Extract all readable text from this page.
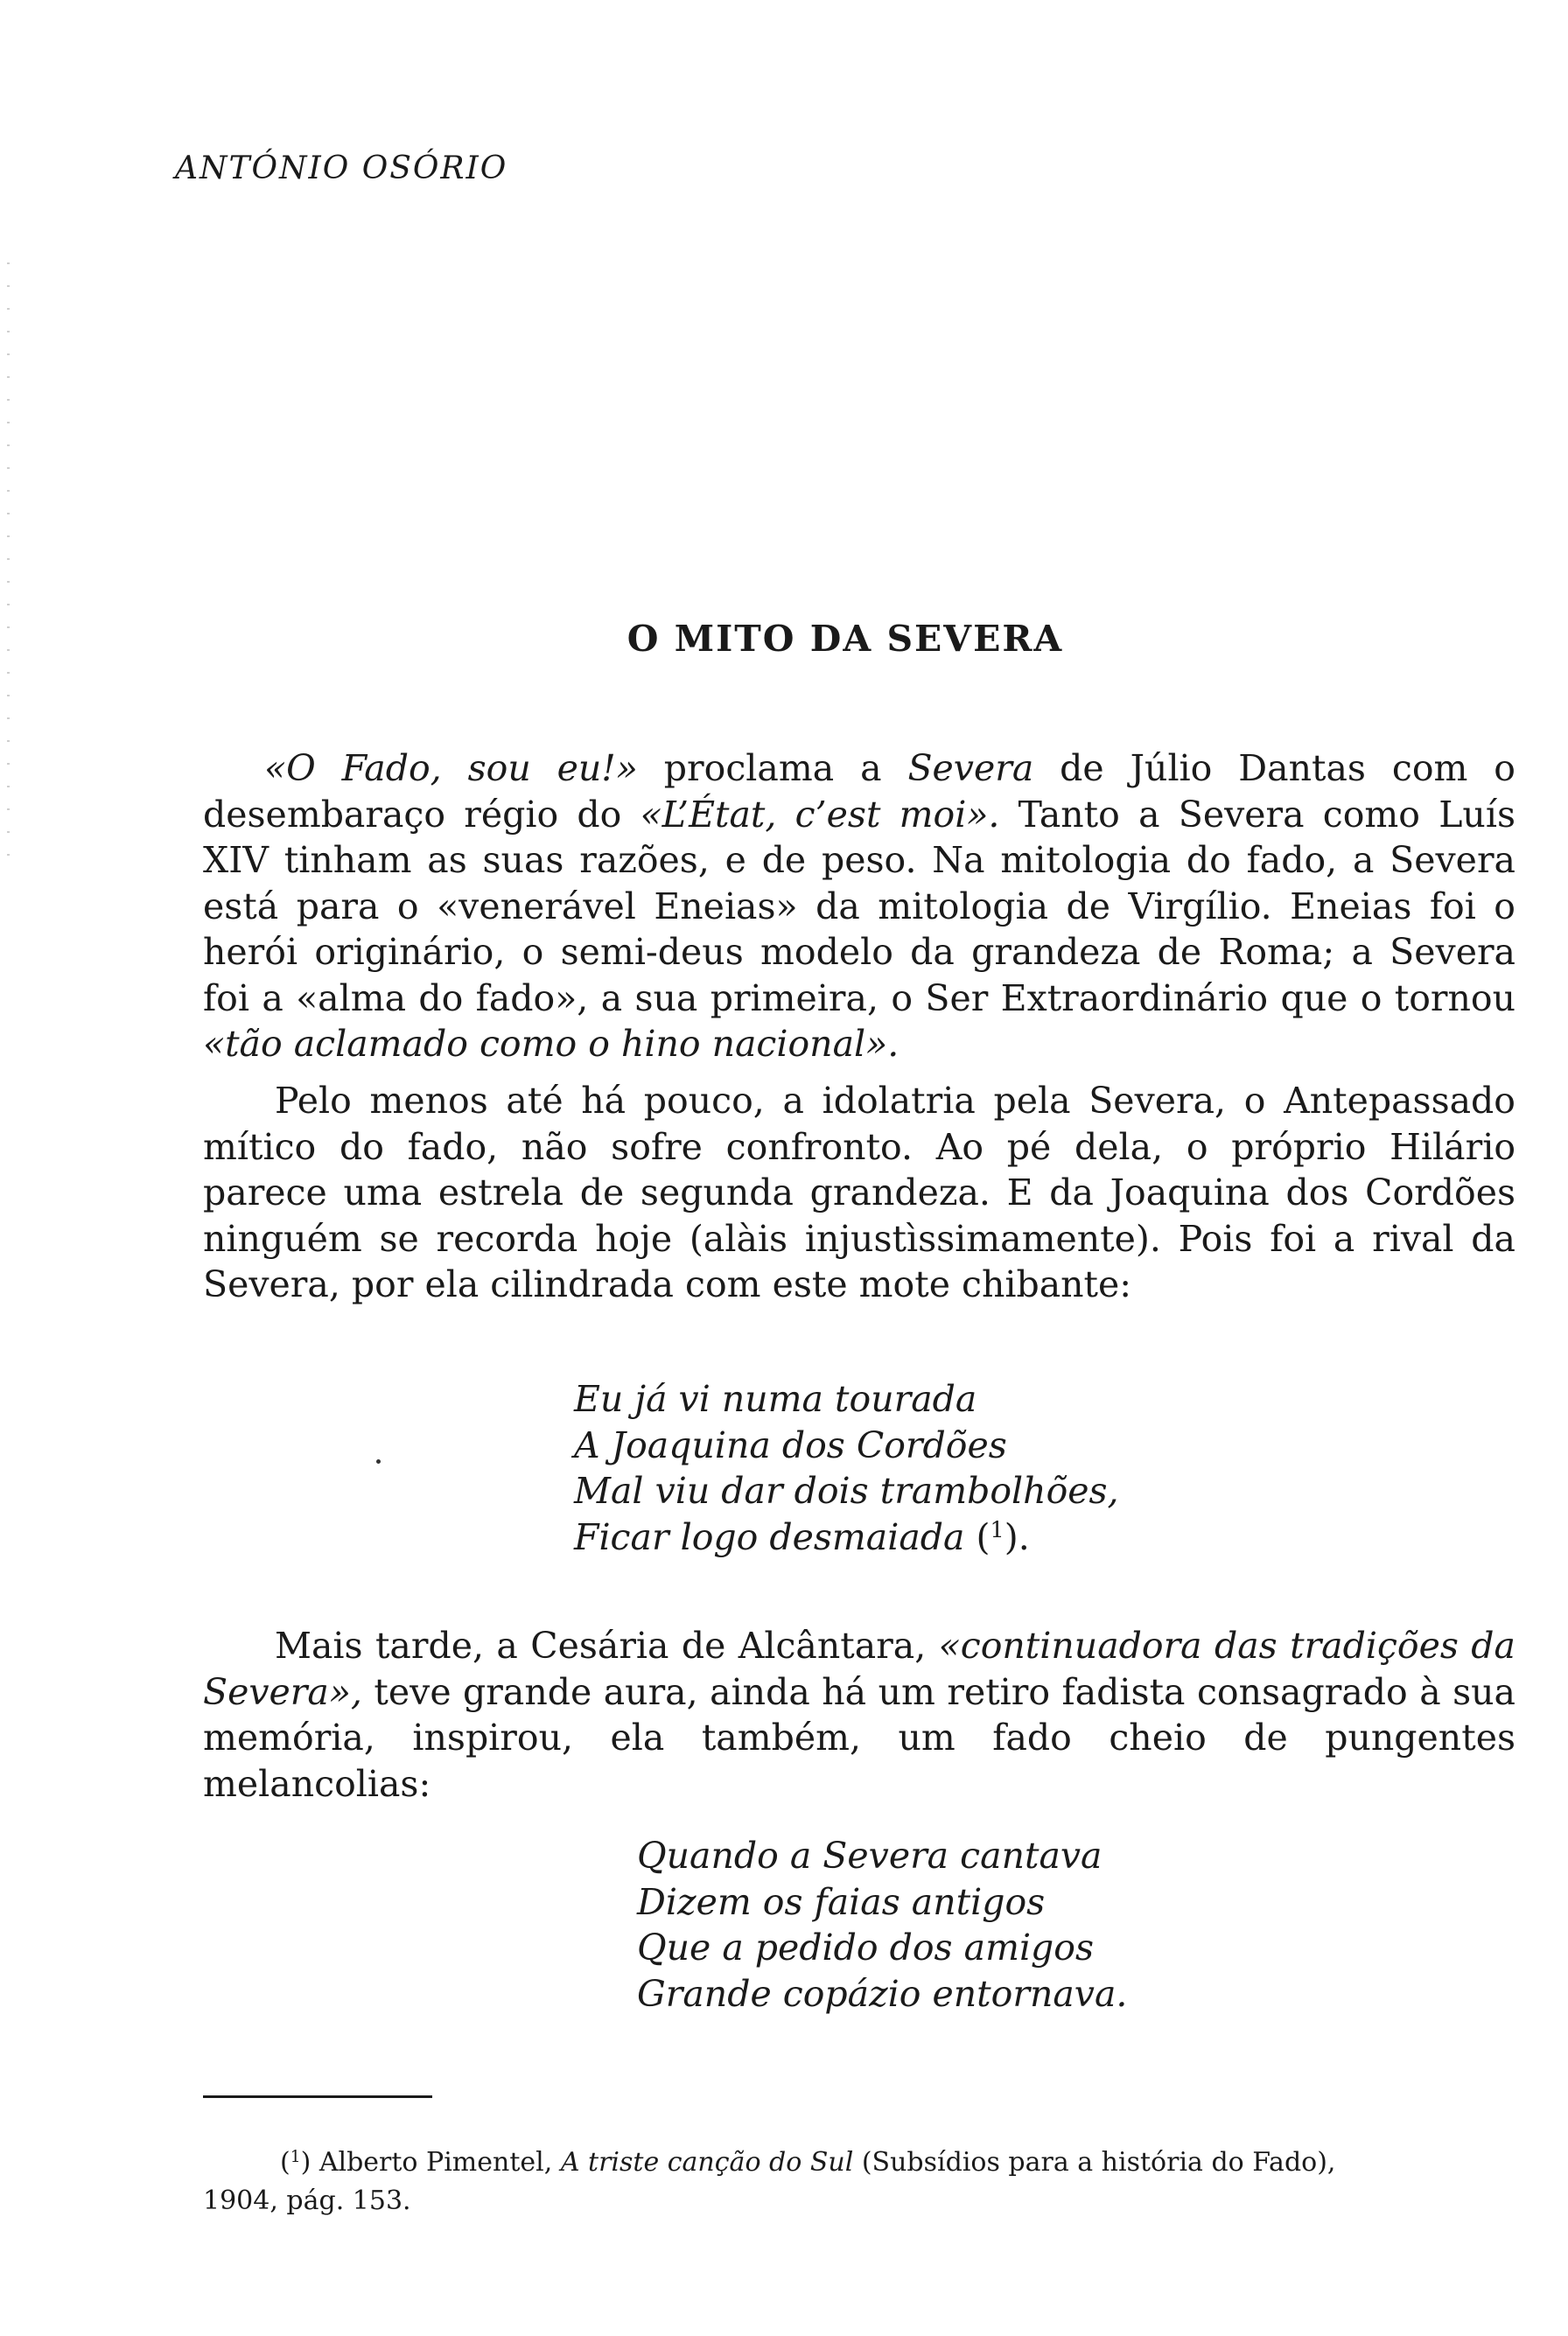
ANTÓNIO OSÓRIO
O MITO DA SEVERA

«O Fado, sou eu!» proclama a Severa de Júlio Dantas com o desembaraço régio do «L’État, c’est moi». Tanto a Severa como Luís XIV tinham as suas razões, e de peso. Na mitologia do fado, a Severa está para o «venerável Eneias» da mitologia de Virgílio. Eneias foi o herói originário, o semi-deus modelo da grandeza de Roma; a Severa foi a «alma do fado», a sua primeira, o Ser Extraordinário que o tornou «tão aclamado como o hino nacional».

Pelo menos até há pouco, a idolatria pela Severa, o Antepassado mítico do fado, não sofre confronto. Ao pé dela, o próprio Hilário parece uma estrela de segunda grandeza. E da Joaquina dos Cordões ninguém se recorda hoje (alàis injustìssimamente). Pois foi a rival da Severa, por ela cilindrada com este mote chibante:

Eu já vi numa tourada
A Joaquina dos Cordões
Mal viu dar dois trambolhões,
Ficar logo desmaiada ($^1$).

Mais tarde, a Cesária de Alcântara, «continuadora das tradições da Severa», teve grande aura, ainda há um retiro fadista consagrado à sua memória, inspirou, ela também, um fado cheio de pungentes melancolias:

Quando a Severa cantava
Dizem os faias antigos
Que a pedido dos amigos
Grande copázio entornava.
($^1$) Alberto Pimentel, A triste canção do Sul (Subsídios para a história do Fado),
1904, pág. 153.
